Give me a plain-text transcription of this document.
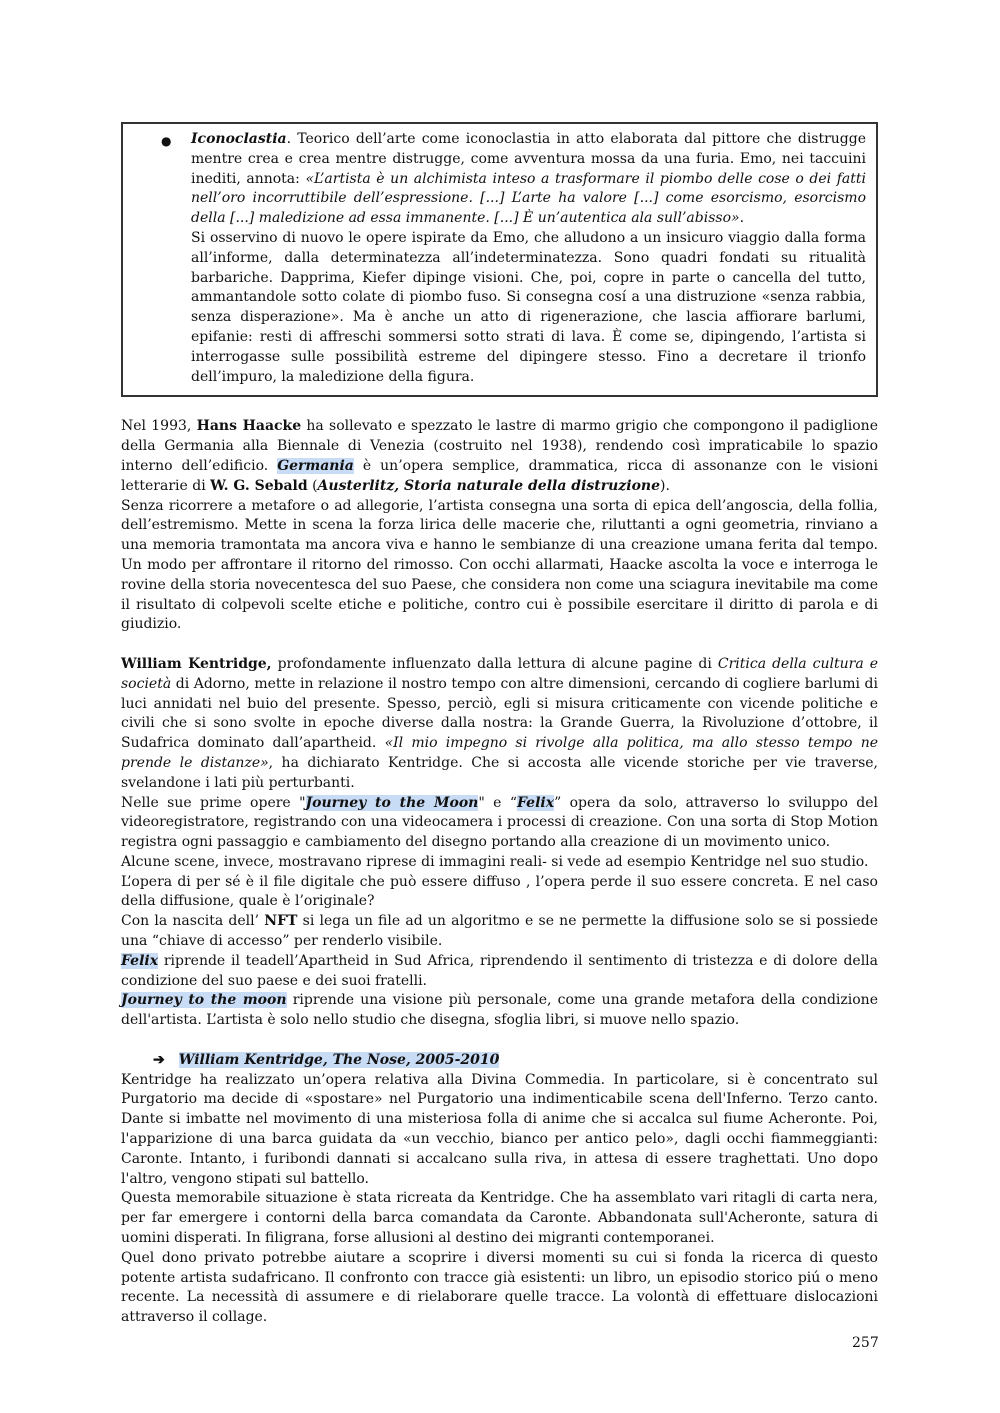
● Iconoclastia. Teorico dell’arte come iconoclastia in atto elaborata dal pittore che distrugge mentre crea e crea mentre distrugge, come avventura mossa da una furia. Emo, nei taccuini inediti, annota: «L’artista è un alchimista inteso a trasformare il piombo delle cose o dei fatti nell’oro incorruttibile dell’espressione. [...] L’arte ha valore [...] come esorcismo, esorcismo della [...] maledizione ad essa immanente. [...] È un’autentica ala sull’abisso».

Si osservino di nuovo le opere ispirate da Emo, che alludono a un insicuro viaggio dalla forma all’informe, dalla determinatezza all’indeterminatezza. Sono quadri fondati su ritualità barbariche. Dapprima, Kiefer dipinge visioni. Che, poi, copre in parte o cancella del tutto, ammantandole sotto colate di piombo fuso. Si consegna cosí a una distruzione «senza rabbia, senza disperazione». Ma è anche un atto di rigenerazione, che lascia affiorare barlumi, epifanie: resti di affreschi sommersi sotto strati di lava. È come se, dipingendo, l’artista si interrogasse sulle possibilità estreme del dipingere stesso. Fino a decretare il trionfo dell’impuro, la maledizione della figura.

Nel 1993, Hans Haacke ha sollevato e spezzato le lastre di marmo grigio che compongono il padiglione della Germania alla Biennale di Venezia (costruito nel 1938), rendendo così impraticabile lo spazio interno dell’edificio. Germania è un’opera semplice, drammatica, ricca di assonanze con le visioni letterarie di W. G. Sebald (Austerlitz, Storia naturale della distruzione).

Senza ricorrere a metafore o ad allegorie, l’artista consegna una sorta di epica dell’angoscia, della follia, dell’estremismo. Mette in scena la forza lirica delle macerie che, riluttanti a ogni geometria, rinviano a una memoria tramontata ma ancora viva e hanno le sembianze di una creazione umana ferita dal tempo. Un modo per affrontare il ritorno del rimosso. Con occhi allarmati, Haacke ascolta la voce e interroga le rovine della storia novecentesca del suo Paese, che considera non come una sciagura inevitabile ma come il risultato di colpevoli scelte etiche e politiche, contro cui è possibile esercitare il diritto di parola e di giudizio.

William Kentridge, profondamente influenzato dalla lettura di alcune pagine di Critica della cultura e società di Adorno, mette in relazione il nostro tempo con altre dimensioni, cercando di cogliere barlumi di luci annidati nel buio del presente. Spesso, perciò, egli si misura criticamente con vicende politiche e civili che si sono svolte in epoche diverse dalla nostra: la Grande Guerra, la Rivoluzione d’ottobre, il Sudafrica dominato dall’apartheid. «Il mio impegno si rivolge alla politica, ma allo stesso tempo ne prende le distanze», ha dichiarato Kentridge. Che si accosta alle vicende storiche per vie traverse, svelandone i lati più perturbanti.

Nelle sue prime opere "Journey to the Moon" e “Felix” opera da solo, attraverso lo sviluppo del videoregistratore, registrando con una videocamera i processi di creazione. Con una sorta di Stop Motion registra ogni passaggio e cambiamento del disegno portando alla creazione di un movimento unico.

Alcune scene, invece, mostravano riprese di immagini reali- si vede ad esempio Kentridge nel suo studio.

L’opera di per sé è il file digitale che può essere diffuso , l’opera perde il suo essere concreta. E nel caso della diffusione, quale è l’originale?

Con la nascita dell’ NFT si lega un file ad un algoritmo e se ne permette la diffusione solo se si possiede una “chiave di accesso” per renderlo visibile.

Felix riprende il teadell’Apartheid in Sud Africa, riprendendo il sentimento di tristezza e di dolore della condizione del suo paese e dei suoi fratelli.

Journey to the moon riprende una visione più personale, come una grande metafora della condizione dell'artista. L’artista è solo nello studio che disegna, sfoglia libri, si muove nello spazio.

➔ William Kentridge, The Nose, 2005-2010

Kentridge ha realizzato un’opera relativa alla Divina Commedia. In particolare, si è concentrato sul Purgatorio ma decide di «spostare» nel Purgatorio una indimenticabile scena dell'Inferno. Terzo canto. Dante si imbatte nel movimento di una misteriosa folla di anime che si accalca sul fiume Acheronte. Poi, l'apparizione di una barca guidata da «un vecchio, bianco per antico pelo», dagli occhi fiammeggianti: Caronte. Intanto, i furibondi dannati si accalcano sulla riva, in attesa di essere traghettati. Uno dopo l'altro, vengono stipati sul battello.

Questa memorabile situazione è stata ricreata da Kentridge. Che ha assemblato vari ritagli di carta nera, per far emergere i contorni della barca comandata da Caronte. Abbandonata sull'Acheronte, satura di uomini disperati. In filigrana, forse allusioni al destino dei migranti contemporanei.

Quel dono privato potrebbe aiutare a scoprire i diversi momenti su cui si fonda la ricerca di questo potente artista sudafricano. Il confronto con tracce già esistenti: un libro, un episodio storico piú o meno recente. La necessità di assumere e di rielaborare quelle tracce. La volontà di effettuare dislocazioni attraverso il collage.

257
